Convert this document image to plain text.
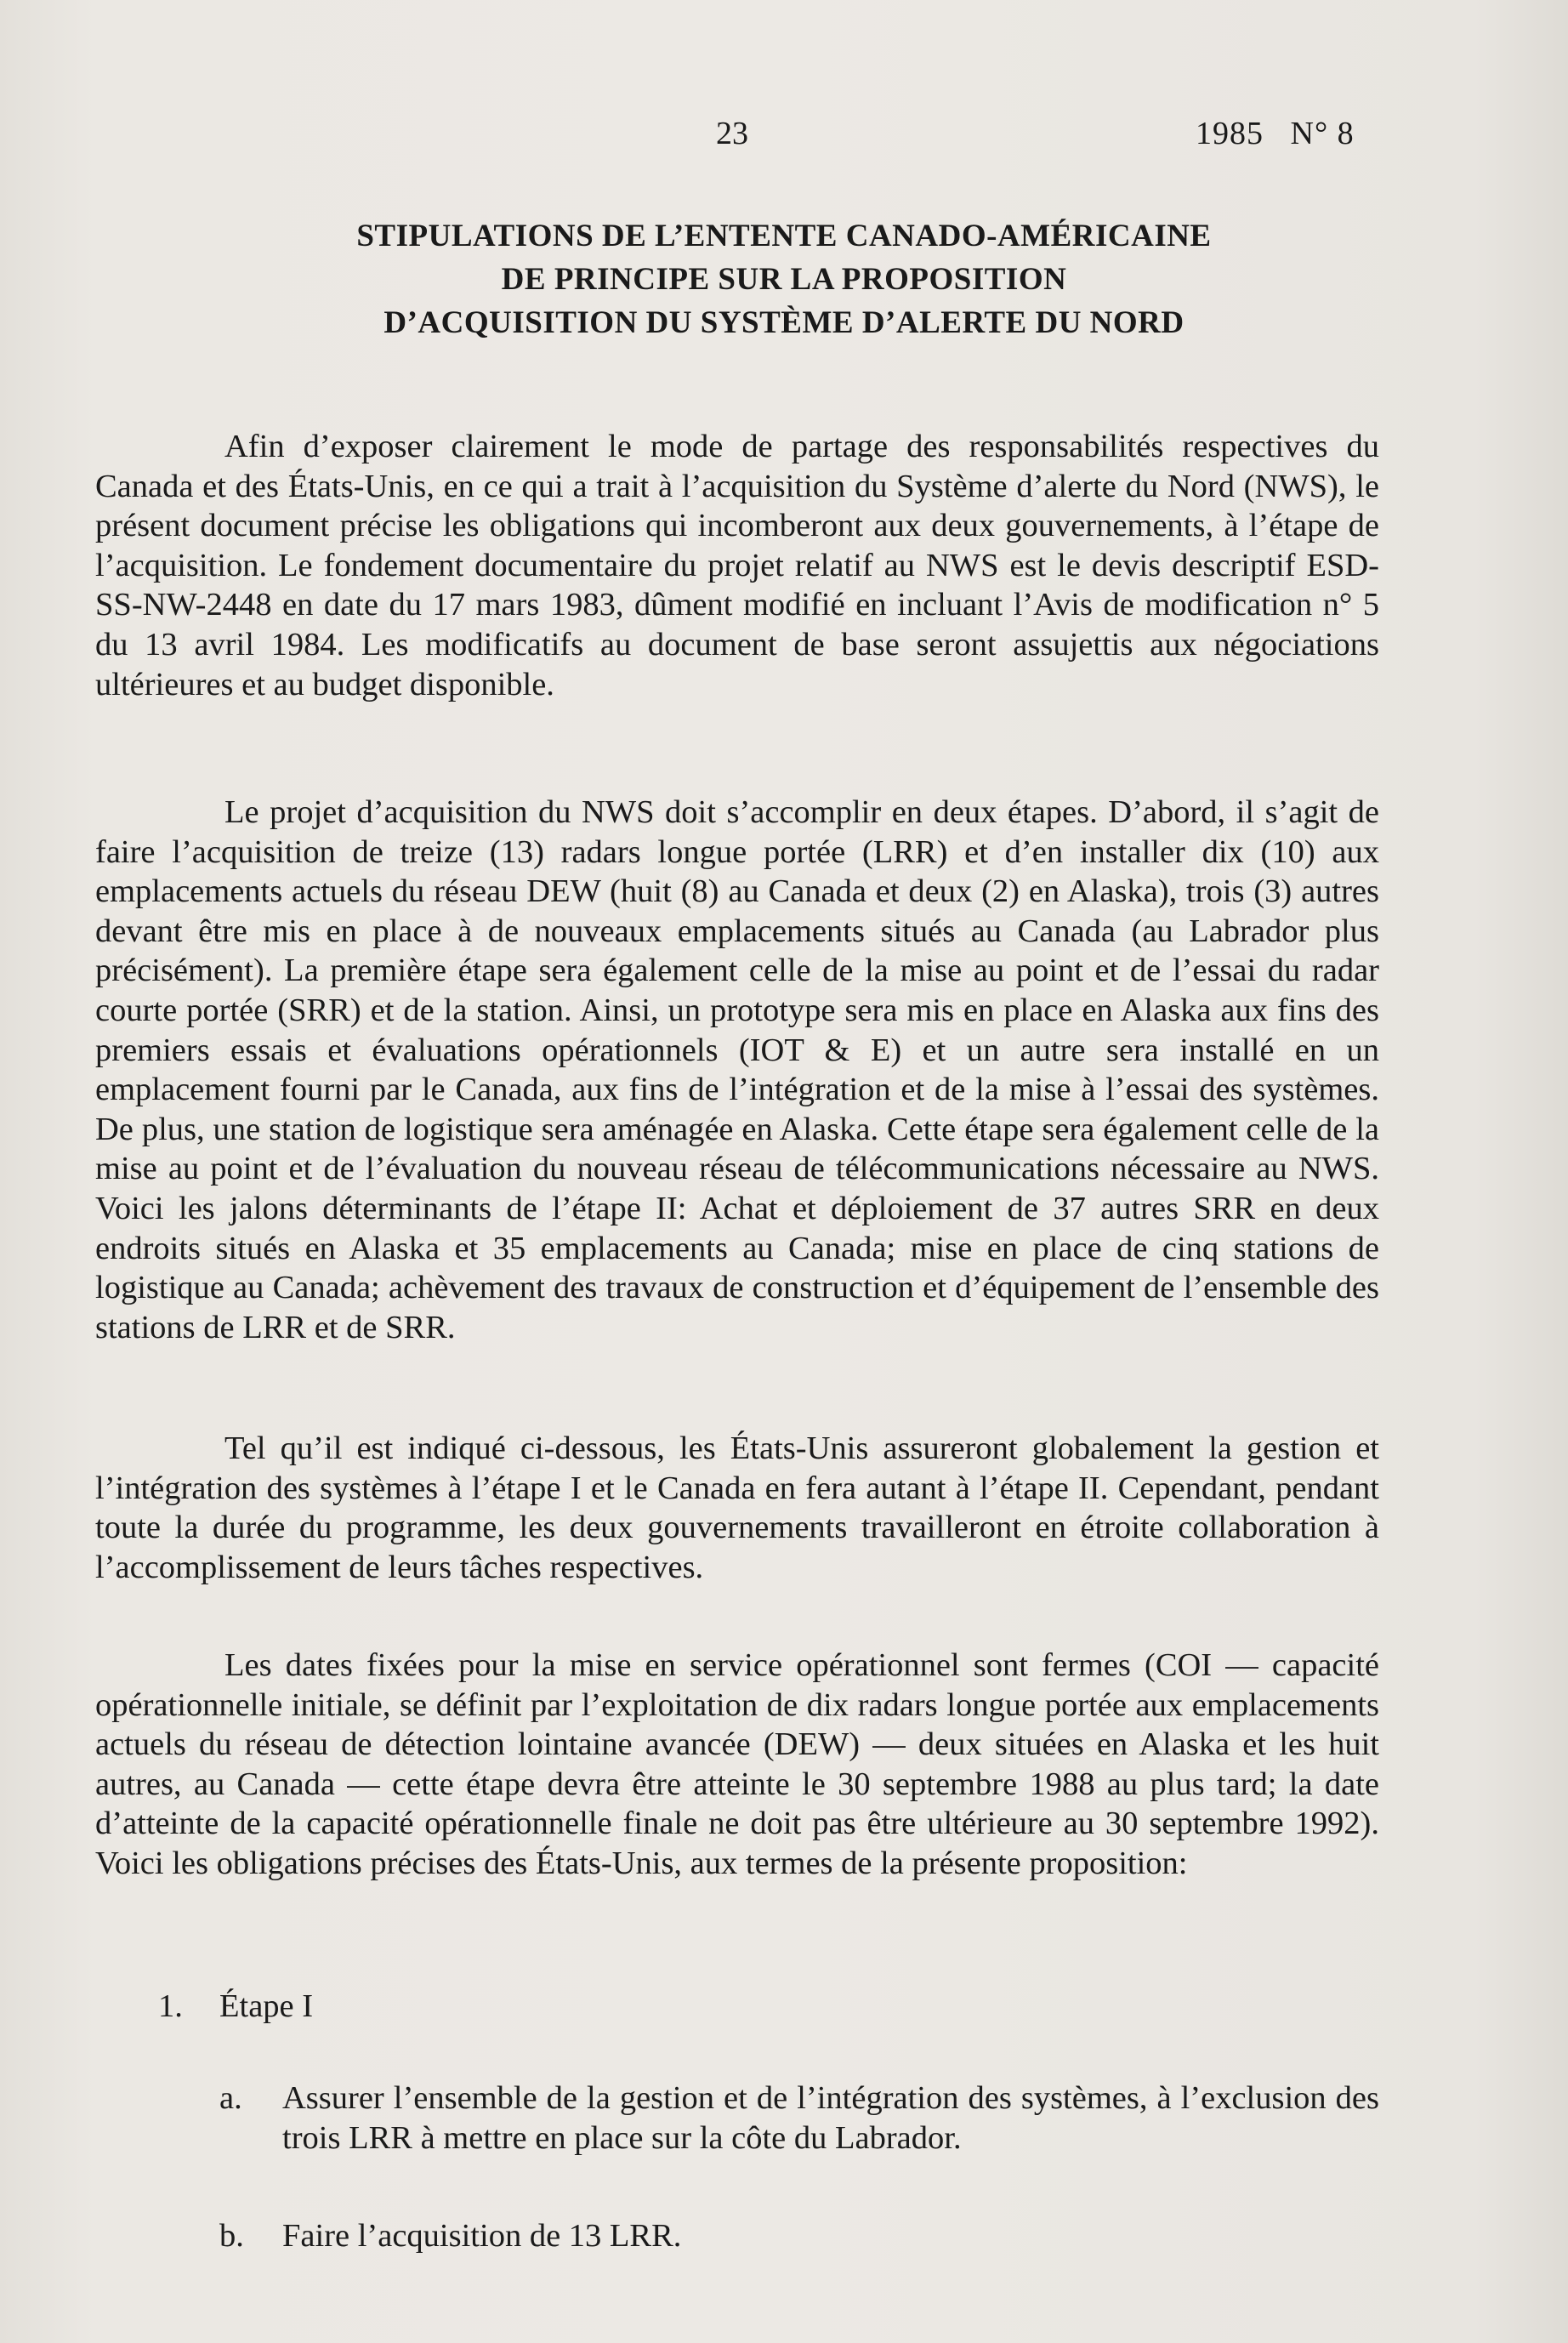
23	1985   N° 8
STIPULATIONS DE L’ENTENTE CANADO-AMÉRICAINE
DE PRINCIPE SUR LA PROPOSITION
D’ACQUISITION DU SYSTÈME D’ALERTE DU NORD

Afin d’exposer clairement le mode de partage des responsabilités respectives du Canada et des États-Unis, en ce qui a trait à l’acquisition du Système d’alerte du Nord (NWS), le présent document précise les obligations qui incomberont aux deux gouvernements, à l’étape de l’acquisition. Le fondement documentaire du projet relatif au NWS est le devis descriptif ESD-SS-NW-2448 en date du 17 mars 1983, dûment modifié en incluant l’Avis de modification n° 5 du 13 avril 1984. Les modificatifs au document de base seront assujettis aux négociations ultérieures et au budget disponible.

Le projet d’acquisition du NWS doit s’accomplir en deux étapes. D’abord, il s’agit de faire l’acquisition de treize (13) radars longue portée (LRR) et d’en installer dix (10) aux emplacements actuels du réseau DEW (huit (8) au Canada et deux (2) en Alaska), trois (3) autres devant être mis en place à de nouveaux emplacements situés au Canada (au Labrador plus précisément). La première étape sera également celle de la mise au point et de l’essai du radar courte portée (SRR) et de la station. Ainsi, un prototype sera mis en place en Alaska aux fins des premiers essais et évaluations opérationnels (IOT & E) et un autre sera installé en un emplacement fourni par le Canada, aux fins de l’intégration et de la mise à l’essai des systèmes. De plus, une station de logistique sera aménagée en Alaska. Cette étape sera également celle de la mise au point et de l’évaluation du nouveau réseau de télécommunications nécessaire au NWS. Voici les jalons déterminants de l’étape II: Achat et déploiement de 37 autres SRR en deux endroits situés en Alaska et 35 emplacements au Canada; mise en place de cinq stations de logistique au Canada; achèvement des travaux de construction et d’équipement de l’ensemble des stations de LRR et de SRR.

Tel qu’il est indiqué ci-dessous, les États-Unis assureront globalement la gestion et l’intégration des systèmes à l’étape I et le Canada en fera autant à l’étape II. Cependant, pendant toute la durée du programme, les deux gouvernements travailleront en étroite collaboration à l’accomplissement de leurs tâches respectives.

Les dates fixées pour la mise en service opérationnel sont fermes (COI — capacité opérationnelle initiale, se définit par l’exploitation de dix radars longue portée aux emplacements actuels du réseau de détection lointaine avancée (DEW) — deux situées en Alaska et les huit autres, au Canada — cette étape devra être atteinte le 30 septembre 1988 au plus tard; la date d’atteinte de la capacité opérationnelle finale ne doit pas être ultérieure au 30 septembre 1992). Voici les obligations précises des États-Unis, aux termes de la présente proposition:

1. Étape I
a. Assurer l’ensemble de la gestion et de l’intégration des systèmes, à l’exclusion des trois LRR à mettre en place sur la côte du Labrador.

b. Faire l’acquisition de 13 LRR.
